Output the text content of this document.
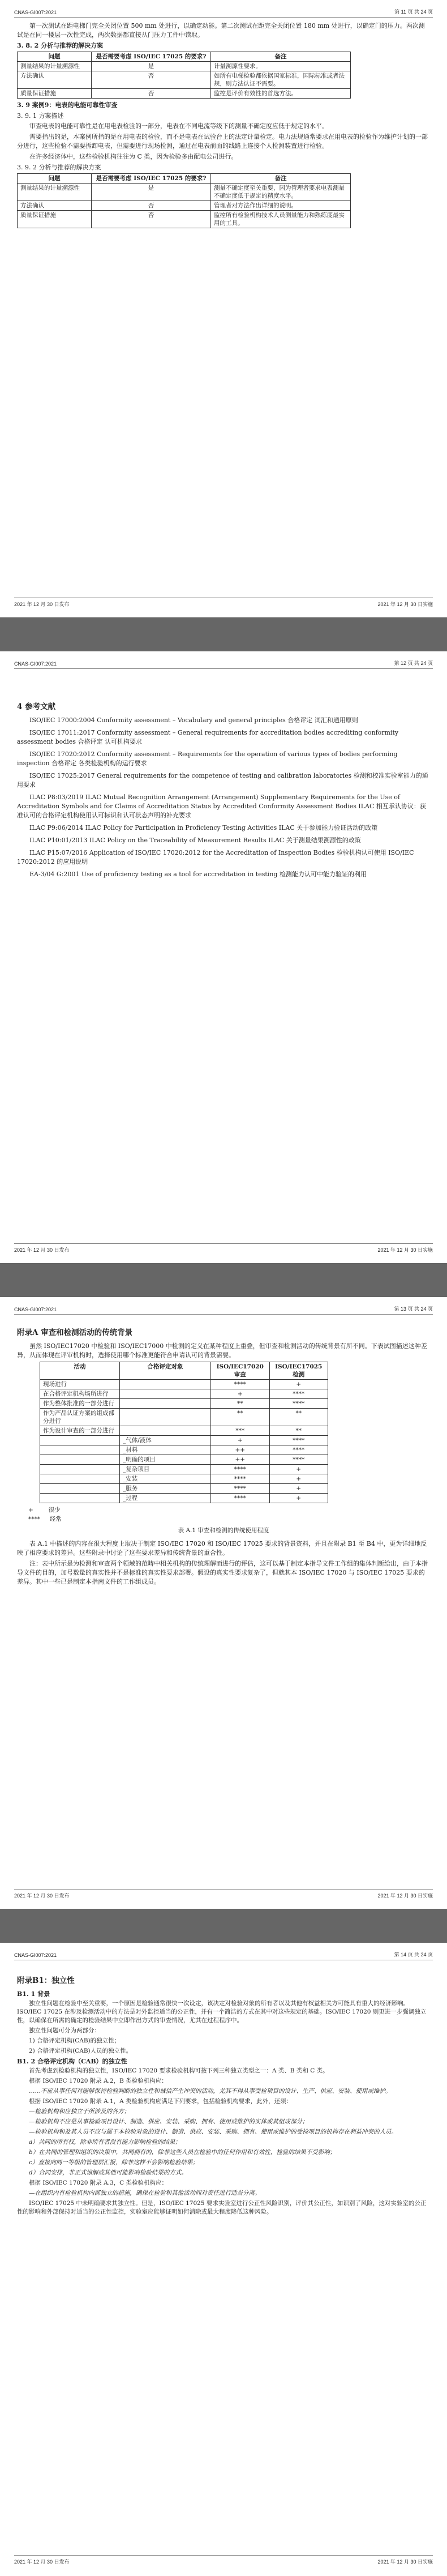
CNAS-GI007:2021	第 11 页 共 24 页

第一次测试在距电梯门完全关闭位置 500 mm 处进行，以确定动能。第二次测试在距完全关闭位置 180 mm 处进行，以确定门的压力。两次测试是在同一楼层一次性完成，两次数据都直接从门压力工件中读取。

3. 8. 2 分析与推荐的解决方案
问题	是否需要考虑 ISO/IEC 17025 的要求?	备注
测量结果的计量溯源性	是	计量溯源性要求。
方法确认	否	如所有电梯检验都依据国家标准，国际标准或者法规，则方法认证不需要。
质量保证措施	否	监控是评价有效性的首选方法。
3. 9 案例9：电表的电能可靠性审查
3. 9. 1 方案描述

审查电表的电能可靠性是在用电表检验的一部分，电表在不同电流等级下的测量不确定度应低于规定的水平。

需要指出的是，本案例所指的是在用电表的检验，而不是电表在试验台上的法定计量检定。电力法规通常要求在用电表的检验作为维护计划的一部分进行，这些检验不需要拆卸电表，但需要进行现场检测，通过在电表前面的线路上连接个人检测装置进行检验。

在许多经济体中，这些检验机构往往为 C 类，因为检验多由配电公司进行。

3. 9. 2 分析与推荐的解决方案
问题	是否需要考虑 ISO/IEC 17025 的要求?	备注
测量结果的计量溯源性	是	测量不确定度至关重要，因为管理者要求电表测量不确定度低于规定的精度水平。
方法确认	否	管理者对方法作出详细的说明。
质量保证措施	否	监控所有检验机构技术人员测量能力和熟练度最实用的工具。
2021 年 12 月 30 日发布	2021 年 12 月 30 日实施
CNAS-GI007:2021	第 12 页 共 24 页
4 参考文献

ISO/IEC 17000:2004 Conformity assessment – Vocabulary and general principles 合格评定 词汇和通用原则

ISO/IEC 17011:2017 Conformity assessment – General requirements for accreditation bodies accrediting conformity assessment bodies 合格评定 认可机构要求

ISO/IEC 17020:2012 Conformity assessment – Requirements for the operation of various types of bodies performing inspection 合格评定 各类检验机构的运行要求

ISO/IEC 17025:2017 General requirements for the competence of testing and calibration laboratories 检测和校准实验室能力的通用要求

ILAC P8:03/2019 ILAC Mutual Recognition Arrangement (Arrangement) Supplementary Requirements for the Use of Accreditation Symbols and for Claims of Accreditation Status by Accredited Conformity Assessment Bodies ILAC 相互承认协议：获准认可的合格评定机构使用认可标识和认可状态声明的补充要求

ILAC P9:06/2014 ILAC Policy for Participation in Proficiency Testing Activities ILAC 关于参加能力验证活动的政策

ILAC P10:01/2013 ILAC Policy on the Traceability of Measurement Results ILAC 关于测量结果溯源性的政策

ILAC P15:07/2016 Application of ISO/IEC 17020:2012 for the Accreditation of Inspection Bodies 检验机构认可使用 ISO/IEC 17020:2012 的应用说明

EA-3/04 G:2001 Use of proficiency testing as a tool for accreditation in testing 检测能力认可中能力验证的利用

2021 年 12 月 30 日发布	2021 年 12 月 30 日实施
CNAS-GI007:2021	第 13 页 共 24 页
附录A 审查和检测活动的传统背景

虽然 ISO/IEC17020 中检验和 ISO/IEC17000 中检测的定义在某种程度上重叠，但审查和检测活动的传统背景有所不同。下表试图描述这种差异，从而体现在评审机构时，选择使用哪个标准更能符合申请认可的背景需要。

活动	合格评定对象	ISO/IEC17020 审查	ISO/IEC17025 检测
现场进行		****	+
在合格评定机构场所进行		+	****
作为整体批准的一部分进行		**	****
作为产品认证方案的组成部分进行		**	**
作为设计审查的一部分进行		***	**
	_气体/液体	+	****
	_材料	++	****
	_明确的项目	++	****
	_复杂项目	****	+
	_安装	****	+
	_服务	****	+
	_过程	****	+
+        很少
****     经常
表 A.1 审查和检测的传统使用程度

表 A.1 中描述的内容在很大程度上取决于制定 ISO/IEC 17020 和 ISO/IEC 17025 要求的背景资料，并且在附录 B1 至 B4 中，更为详细地反映了相应要求的差异。这些附录中讨论了这些要求差异和传统背景的重合性。

注：表中所示是为检测和审查两个领域的范畴中相关机构的传统理解而进行的评估，这可以基于制定本指导文件工作组的集体判断给出，由于本指导文件的目的，加号数量的真实性并不是标准的真实性要求部署。假设的真实性要求复杂了，但就其本 ISO/IEC 17020 与 ISO/IEC 17025 要求的差异。其中一些已是制定本指南文件的工作组成员。

2021 年 12 月 30 日发布	2021 年 12 月 30 日实施
CNAS-GI007:2021	第 14 页 共 24 页
附录B1：独立性
B1. 1 背景

独立性问题在检验中至关重要，一个原因是检验通常很快一次设定，该决定对检验对象的所有者以及其他有权益相关方可能具有重大的经济影响。ISO/IEC 17025 在涉及检测活动中的方法是对外监控适当的公正性，并有一个简洁的方式在其中对这些规定的基础。ISO/IEC 17020 则更进一步强调独立性，以确保在所需的确定的检验结果中立即作出方式的审查情况，尤其在过程程序中。

独立性问题可分为两部分：

1) 合格评定机构(CAB)的独立性；

2) 合格评定机构(CAB)人员的独立性。

B1. 2 合格评定机构（CAB）的独立性

首先考虑到检验机构的独立性，ISO/IEC 17020 要求检验机构可按下列三种独立类型之一：A 类、B 类和 C 类。

根据 ISO/IEC 17020 附录 A.2，B 类检验机构应：

……不应从事任何对能够保持检验判断的独立性和诚信产生冲突的活动，尤其不得从事受检项目的设计、生产、供应、安装、使用或维护。

根据 ISO/IEC 17020 附录 A.1，A 类检验机构应满足下列要求，包括检验机构要求，此外，还须：

—检验机构和应独立于所涉及的各方；

—检验机构不应是从事检验项目设计、制造、供应、安装、采购、拥有、使用或维护的实体或其组成部分；

—检验机构和及其人员不应与属于本检验对象的设计、制造、供应、安装、采购、拥有、使用或维护的受检项目的机构存在利益冲突的人员。

a）共同的所有权，除非所有者没有能力影响检验的结果；

b）在共同的管理和组织的决策中，共同拥有的，除非这些人员在检验中的任何作用和有效性，检验的结果不受影响；

c）直接向同一等级的管理层汇报，除非这样不会影响检验结果；

d）合同安排，非正式谅解或其他可能影响检验结果的方式。

根据 ISO/IEC 17020 附录 A.3，C 类检验机构应：

—在组织内有检验机构内部独立的措施，确保在检验和其他活动间对责任进行适当分离。

ISO/IEC 17025 中未明确要求其独立性。但是，ISO/IEC 17025 要求实验室进行公正性风险识别，评价其公正性，如识别了风险，这对实验室的公正性的影响和外部保持对适当的公正性监控，实验室应能够证明如何消除或最大程度降低这种风险。

2021 年 12 月 30 日发布	2021 年 12 月 30 日实施
